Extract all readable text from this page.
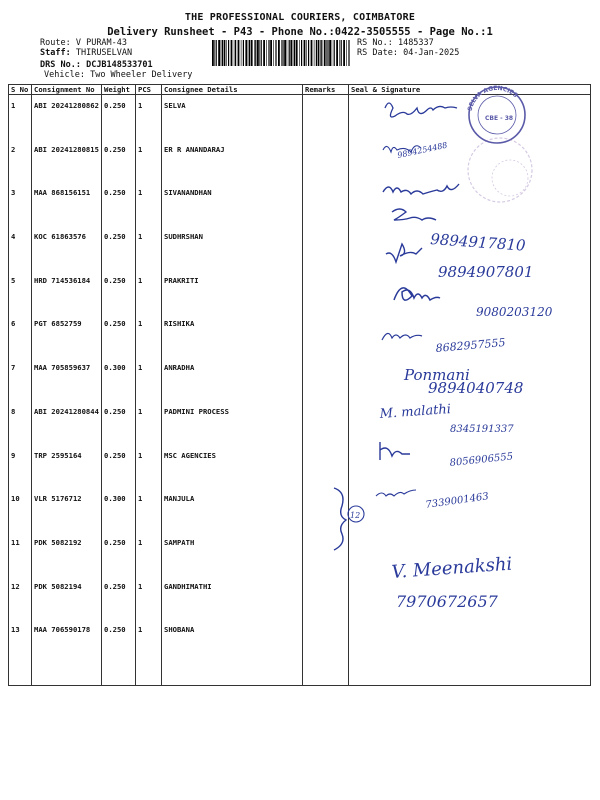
THE PROFESSIONAL COURIERS, COIMBATORE
Delivery Runsheet - P43 - Phone No.:0422-3505555 - Page No.:1
Route: V PURAM-43
Staff: THIRUSELVAN
DRS No.: DCJB148533701
Vehicle: Two Wheeler Delivery
RS No.: 1485337
RS Date: 04-Jan-2025
S No	Consignment No	Weight	PCS	Consignee Details	Remarks	Seal & Signature
1	ABI 20241280862	0.250	1	SELVA		
2	ABI 20241280815	0.250	1	ER R ANANDARAJ		
3	MAA 868156151	0.250	1	SIVANANDHAN		
4	KOC 61863576	0.250	1	SUDHRSHAN		
5	HRD 714536184	0.250	1	PRAKRITI		
6	PGT 6852759	0.250	1	RISHIKA		
7	MAA 705859637	0.300	1	ANRADHA		
8	ABI 20241280844	0.250	1	PADMINI PROCESS		
9	TRP 2595164	0.250	1	MSC AGENCIES		
10	VLR 5176712	0.300	1	MANJULA		
11	PDK 5082192	0.250	1	SAMPATH		
12	PDK 5082194	0.250	1	GANDHIMATHI		
13	MAA 706590178	0.250	1	SHOBANA		
SELVA AGENCIES
CBE - 38
9894254488
9894917810
9894907801
9080203120
8682957555
Ponmani
9894040748
M. malathi
8345191337
8056906555
12
7339001463
V. Meenakshi
7970672657
